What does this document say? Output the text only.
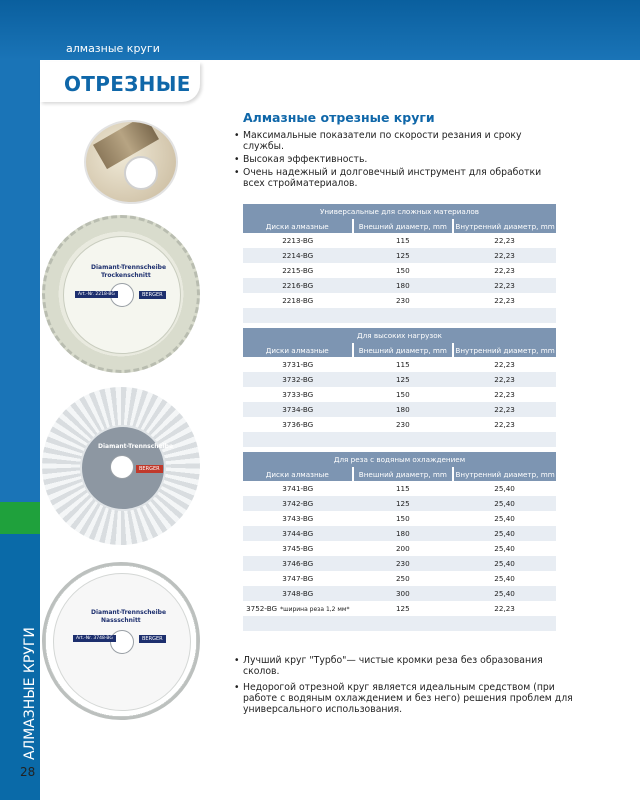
алмазные круги
АЛМАЗНЫЕ КРУГИ
28
ОТРЕЗНЫЕ
Diamant-Trennscheibe
Trockenschnitt
Art.-Nr. 2218-BG	BERGER
Diamant-Trennscheibe
BERGER
Diamant-Trennscheibe
Nassschnitt
Art.-Nr. 3748-BG	BERGER
Алмазные отрезные круги
• Максимальные показатели по скорости резания и сроку службы.
• Высокая эффективность.
• Очень надежный и долговечный инструмент для обработки всех стройматериалов.
Универсальные для сложных материалов		
Диски алмазные	Внешний диаметр, mm	Внутренний диаметр, mm
2213-BG	115	22,23
2214-BG	125	22,23
2215-BG	150	22,23
2216-BG	180	22,23
2218-BG	230	22,23

Для высоких нагрузок		
Диски алмазные	Внешний диаметр, mm	Внутренний диаметр, mm
3731-BG	115	22,23
3732-BG	125	22,23
3733-BG	150	22,23
3734-BG	180	22,23
3736-BG	230	22,23

Для реза с водяным охлаждением		
Диски алмазные	Внешний диаметр, mm	Внутренний диаметр, mm
3741-BG	115	25,40
3742-BG	125	25,40
3743-BG	150	25,40
3744-BG	180	25,40
3745-BG	200	25,40
3746-BG	230	25,40
3747-BG	250	25,40
3748-BG	300	25,40
3752-BG *ширина реза 1,2 мм*	125	22,23

• Лучший круг "Турбо"— чистые кромки реза без образования сколов.
• Недорогой отрезной круг является идеальным средством (при работе с водяным охлаждением и без него) решения проблем для универсального использования.
